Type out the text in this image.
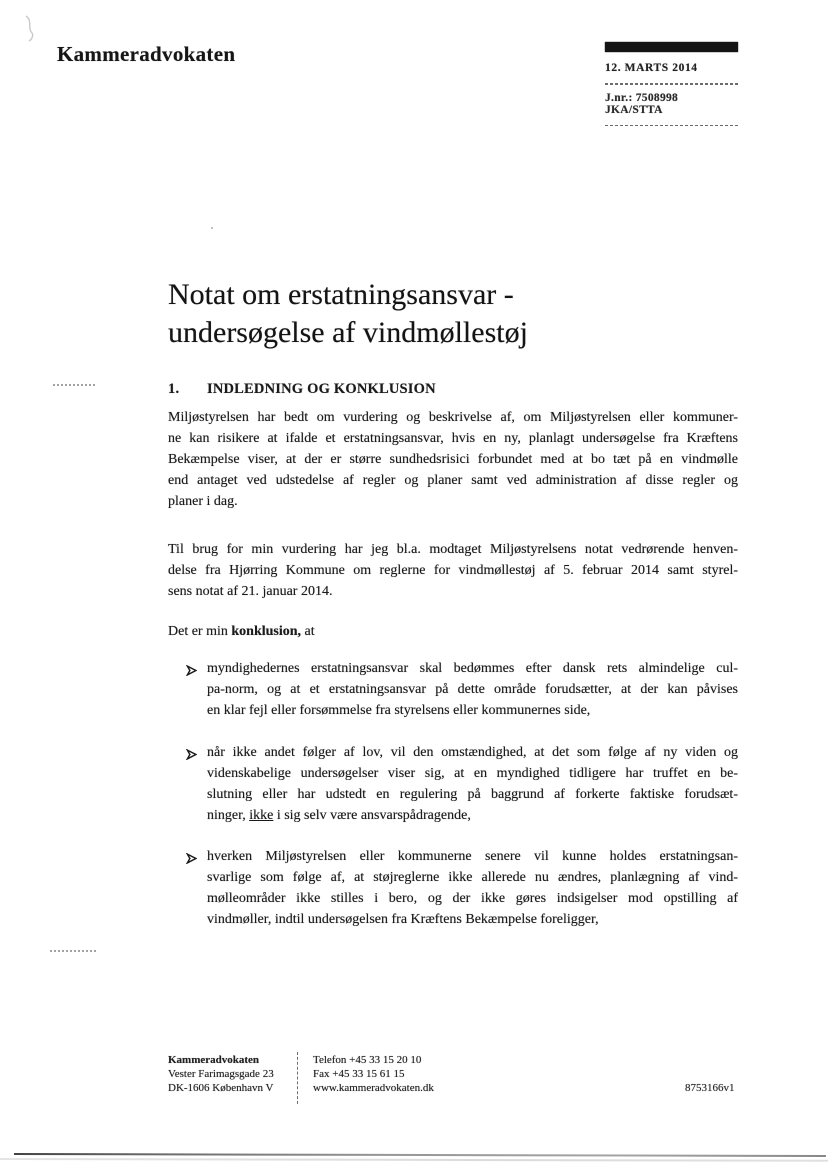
Kammeradvokaten
12. MARTS 2014
J.nr.: 7508998 JKA/STTA
Notat om erstatningsansvar -
undersøgelse af vindmøllestøj
1.	INDLEDNING OG KONKLUSION
Miljøstyrelsen har bedt om vurdering og beskrivelse af, om Miljøstyrelsen eller kommuner-
ne kan risikere at ifalde et erstatningsansvar, hvis en ny, planlagt undersøgelse fra Kræftens
Bekæmpelse viser, at der er større sundhedsrisici forbundet med at bo tæt på en vindmølle
end antaget ved udstedelse af regler og planer samt ved administration af disse regler og
planer i dag.
Til brug for min vurdering har jeg bl.a. modtaget Miljøstyrelsens notat vedrørende henven-
delse fra Hjørring Kommune om reglerne for vindmøllestøj af 5. februar 2014 samt styrel-
sens notat af 21. januar 2014.
Det er min konklusion, at
myndighedernes erstatningsansvar skal bedømmes efter dansk rets almindelige cul-
pa-norm, og at et erstatningsansvar på dette område forudsætter, at der kan påvises
en klar fejl eller forsømmelse fra styrelsens eller kommunernes side,
når ikke andet følger af lov, vil den omstændighed, at det som følge af ny viden og
videnskabelige undersøgelser viser sig, at en myndighed tidligere har truffet en be-
slutning eller har udstedt en regulering på baggrund af forkerte faktiske forudsæt-
ninger, ikke i sig selv være ansvarspådragende,
hverken Miljøstyrelsen eller kommunerne senere vil kunne holdes erstatningsan-
svarlige som følge af, at støjreglerne ikke allerede nu ændres, planlægning af vind-
mølleområder ikke stilles i bero, og der ikke gøres indsigelser mod opstilling af
vindmøller, indtil undersøgelsen fra Kræftens Bekæmpelse foreligger,
Kammeradvokaten
Vester Farimagsgade 23
DK-1606 København V
Telefon +45 33 15 20 10
Fax +45 33 15 61 15
www.kammeradvokaten.dk	8753166v1
